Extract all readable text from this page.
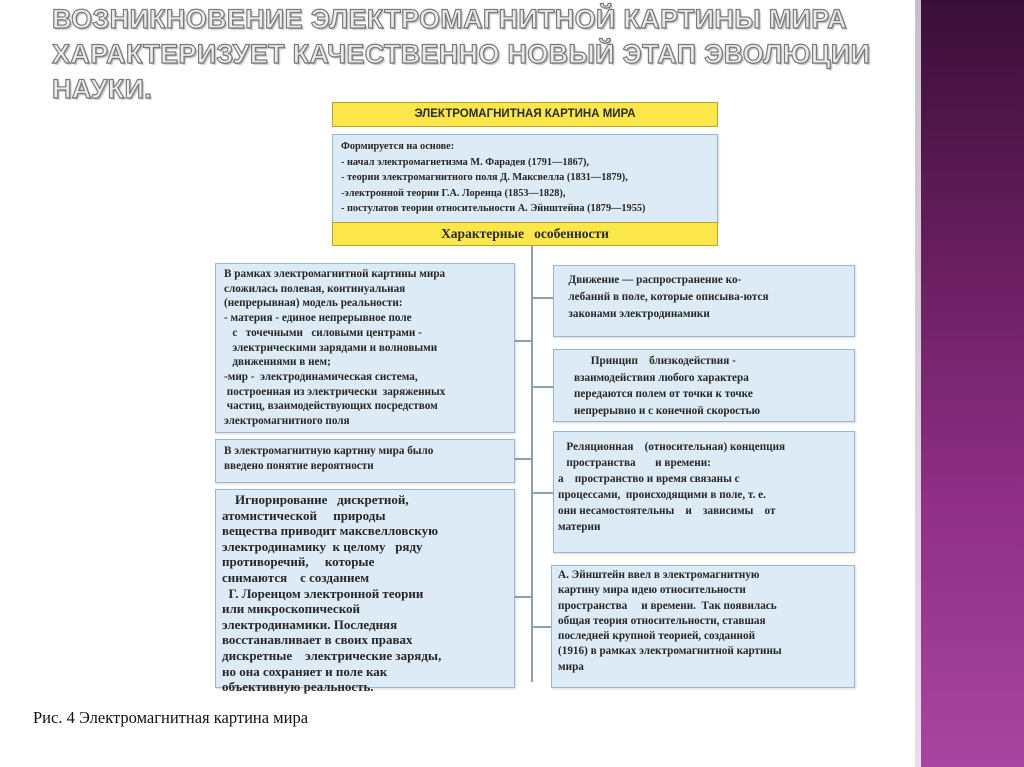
ВОЗНИКНОВЕНИЕ ЭЛЕКТРОМАГНИТНОЙ КАРТИНЫ МИРА ХАРАКТЕРИЗУЕТ КАЧЕСТВЕННО НОВЫЙ ЭТАП ЭВОЛЮЦИИ НАУКИ.
ЭЛЕКТРОМАГНИТНАЯ КАРТИНА МИРА
Формируется на основе:
- начал электромагнетизма М. Фарадея (1791—1867),
- теории электромагнитного поля Д. Максвелла (1831—1879),
-электронной теории Г.А. Лоренца (1853—1828),
- постулатов теории относительности А. Эйнштейна (1879—1955)
Характерные   особенности
В рамках электромагнитной картины мира
сложилась полевая, континуальная
(непрерывная) модель реальности:
- материя - единое непрерывное поле
с   точечными   силовыми центрами -
электрическими зарядами и волновыми
движениями в нем;
-мир -  электродинамическая система,
построенная из электрически  заряженных
частиц, взаимодействующих посредством
электромагнитного поля
В электромагнитную картину мира было
введено понятие вероятности
Игнорирование   дискретной,
атомистической     природы
вещества приводит максвелловскую
электродинамику  к целому   ряду
противоречий,     которые
снимаются    с созданием
Г. Лоренцом электронной теории
или микроскопической
электродинамики. Последняя
восстанавливает в своих правах
дискретные    электрические заряды,
но она сохраняет и поле как
объективную реальность.
Движение — распространение ко-
лебаний в поле, которые описыва-ются
законами электродинамики
Принцип    близкодействия -
взаимодействия любого характера
передаются полем от точки к точке
непрерывно и с конечной скоростью
Реляционная    (относительная) концепция
пространства       и времени:
а    пространство и время связаны с
процессами,  происходящими в поле, т. е.
они несамостоятельны    и    зависимы    от
материи
А. Эйнштейн ввел в электромагнитную
картину мира идею относительности
пространства     и времени.  Так появилась
общая теория относительности, ставшая
последней крупной теорией, созданной
(1916) в рамках электромагнитной картины
мира
Рис. 4 Электромагнитная картина мира
